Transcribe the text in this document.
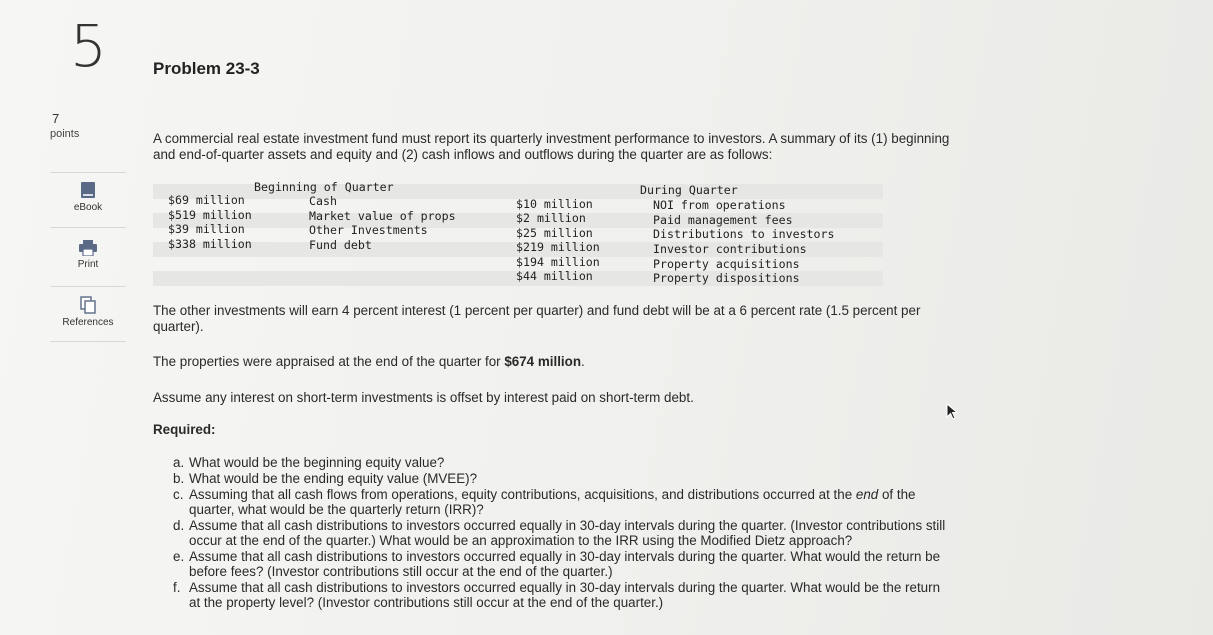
5
7
points
eBook
Print
References
Problem 23-3
A commercial real estate investment fund must report its quarterly investment performance to investors. A summary of its (1) beginning
and end-of-quarter assets and equity and (2) cash inflows and outflows during the quarter are as follows:
Beginning of Quarter	During Quarter
$69 million	Cash
$519 million	Market value of props
$39 million	Other Investments
$338 million	Fund debt
$10 million	NOI from operations
$2 million	Paid management fees
$25 million	Distributions to investors
$219 million	Investor contributions
$194 million	Property acquisitions
$44 million	Property dispositions
The other investments will earn 4 percent interest (1 percent per quarter) and fund debt will be at a 6 percent rate (1.5 percent per
quarter).
The properties were appraised at the end of the quarter for $674 million.
Assume any interest on short-term investments is offset by interest paid on short-term debt.
Required:
a. What would be the beginning equity value?
b. What would be the ending equity value (MVEE)?
c. Assuming that all cash flows from operations, equity contributions, acquisitions, and distributions occurred at the end of the
quarter, what would be the quarterly return (IRR)?
d. Assume that all cash distributions to investors occurred equally in 30-day intervals during the quarter. (Investor contributions still
occur at the end of the quarter.) What would be an approximation to the IRR using the Modified Dietz approach?
e. Assume that all cash distributions to investors occurred equally in 30-day intervals during the quarter. What would the return be
before fees? (Investor contributions still occur at the end of the quarter.)
f. Assume that all cash distributions to investors occurred equally in 30-day intervals during the quarter. What would be the return
at the property level? (Investor contributions still occur at the end of the quarter.)
